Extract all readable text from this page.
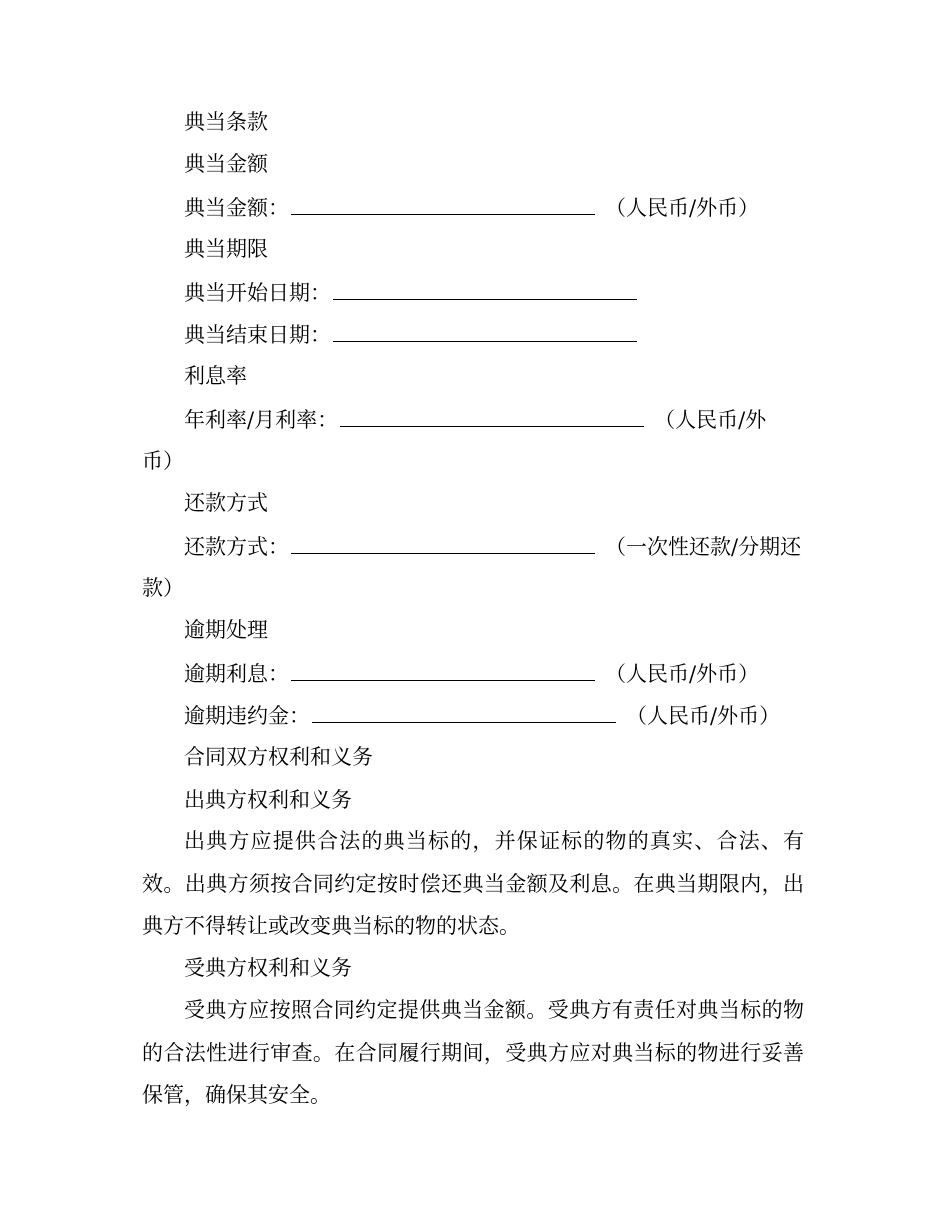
典当条款
典当金额
典当金额：	（人民币/外币）
典当期限
典当开始日期：
典当结束日期：
利息率
年利率/月利率：	（人民币/外
币）
还款方式
还款方式：	（一次性还款/分期还
款）
逾期处理
逾期利息：	（人民币/外币）
逾期违约金：	（人民币/外币）
合同双方权利和义务
出典方权利和义务
出典方应提供合法的典当标的，并保证标的物的真实、合法、有效。出典方须按合同约定按时偿还典当金额及利息。在典当期限内，出典方不得转让或改变典当标的物的状态。
受典方权利和义务
受典方应按照合同约定提供典当金额。受典方有责任对典当标的物的合法性进行审查。在合同履行期间，受典方应对典当标的物进行妥善保管，确保其安全。
